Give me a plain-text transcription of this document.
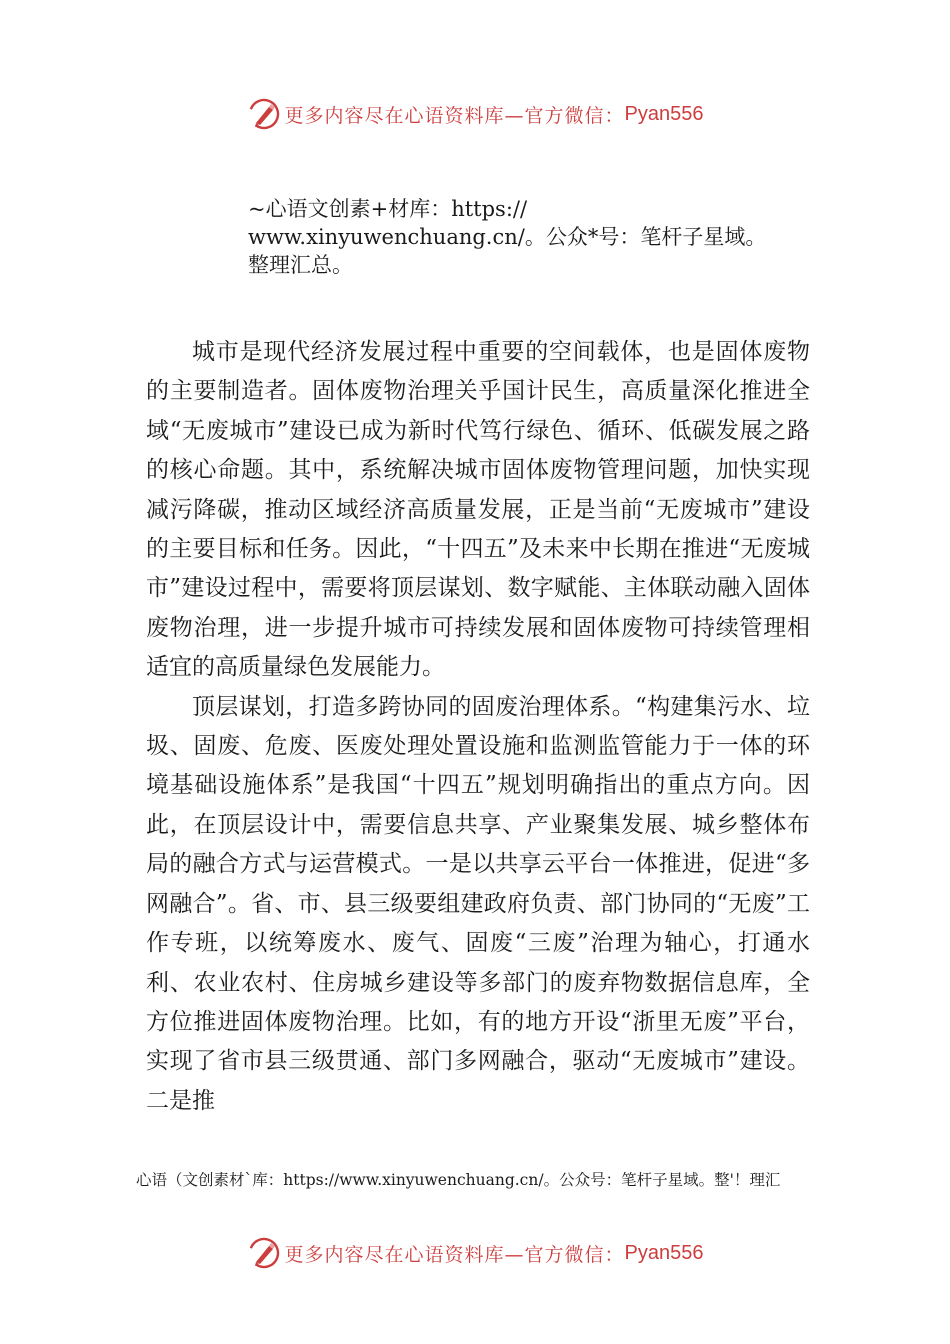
更多内容尽在心语资料库—官方微信： Pyan556
~心语文创素+材库：https://
www.xinyuwenchuang.cn/。公众*号：笔杆子星域。
整理汇总。

城市是现代经济发展过程中重要的空间载体，也是固体废物的主要制造者。固体废物治理关乎国计民生，高质量深化推进全域“无废城市”建设已成为新时代笃行绿色、循环、低碳发展之路的核心命题。其中，系统解决城市固体废物管理问题，加快实现减污降碳，推动区域经济高质量发展，正是当前“无废城市”建设的主要目标和任务。因此，“十四五”及未来中长期在推进“无废城市”建设过程中，需要将顶层谋划、数字赋能、主体联动融入固体废物治理，进一步提升城市可持续发展和固体废物可持续管理相适宜的高质量绿色发展能力。

顶层谋划，打造多跨协同的固废治理体系。“构建集污水、垃圾、固废、危废、医废处理处置设施和监测监管能力于一体的环境基础设施体系”是我国“十四五”规划明确指出的重点方向。因此，在顶层设计中，需要信息共享、产业聚集发展、城乡整体布局的融合方式与运营模式。一是以共享云平台一体推进，促进“多网融合”。省、市、县三级要组建政府负责、部门协同的“无废”工作专班，以统筹废水、废气、固废“三废”治理为轴心，打通水利、农业农村、住房城乡建设等多部门的废弃物数据信息库，全方位推进固体废物治理。比如，有的地方开设“浙里无废”平台，实现了省市县三级贯通、部门多网融合，驱动“无废城市”建设。二是推

心语（文创素材`库：https://www.xinyuwenchuang.cn/。公众号：笔杆子星域。整'！理汇
更多内容尽在心语资料库—官方微信： Pyan556
